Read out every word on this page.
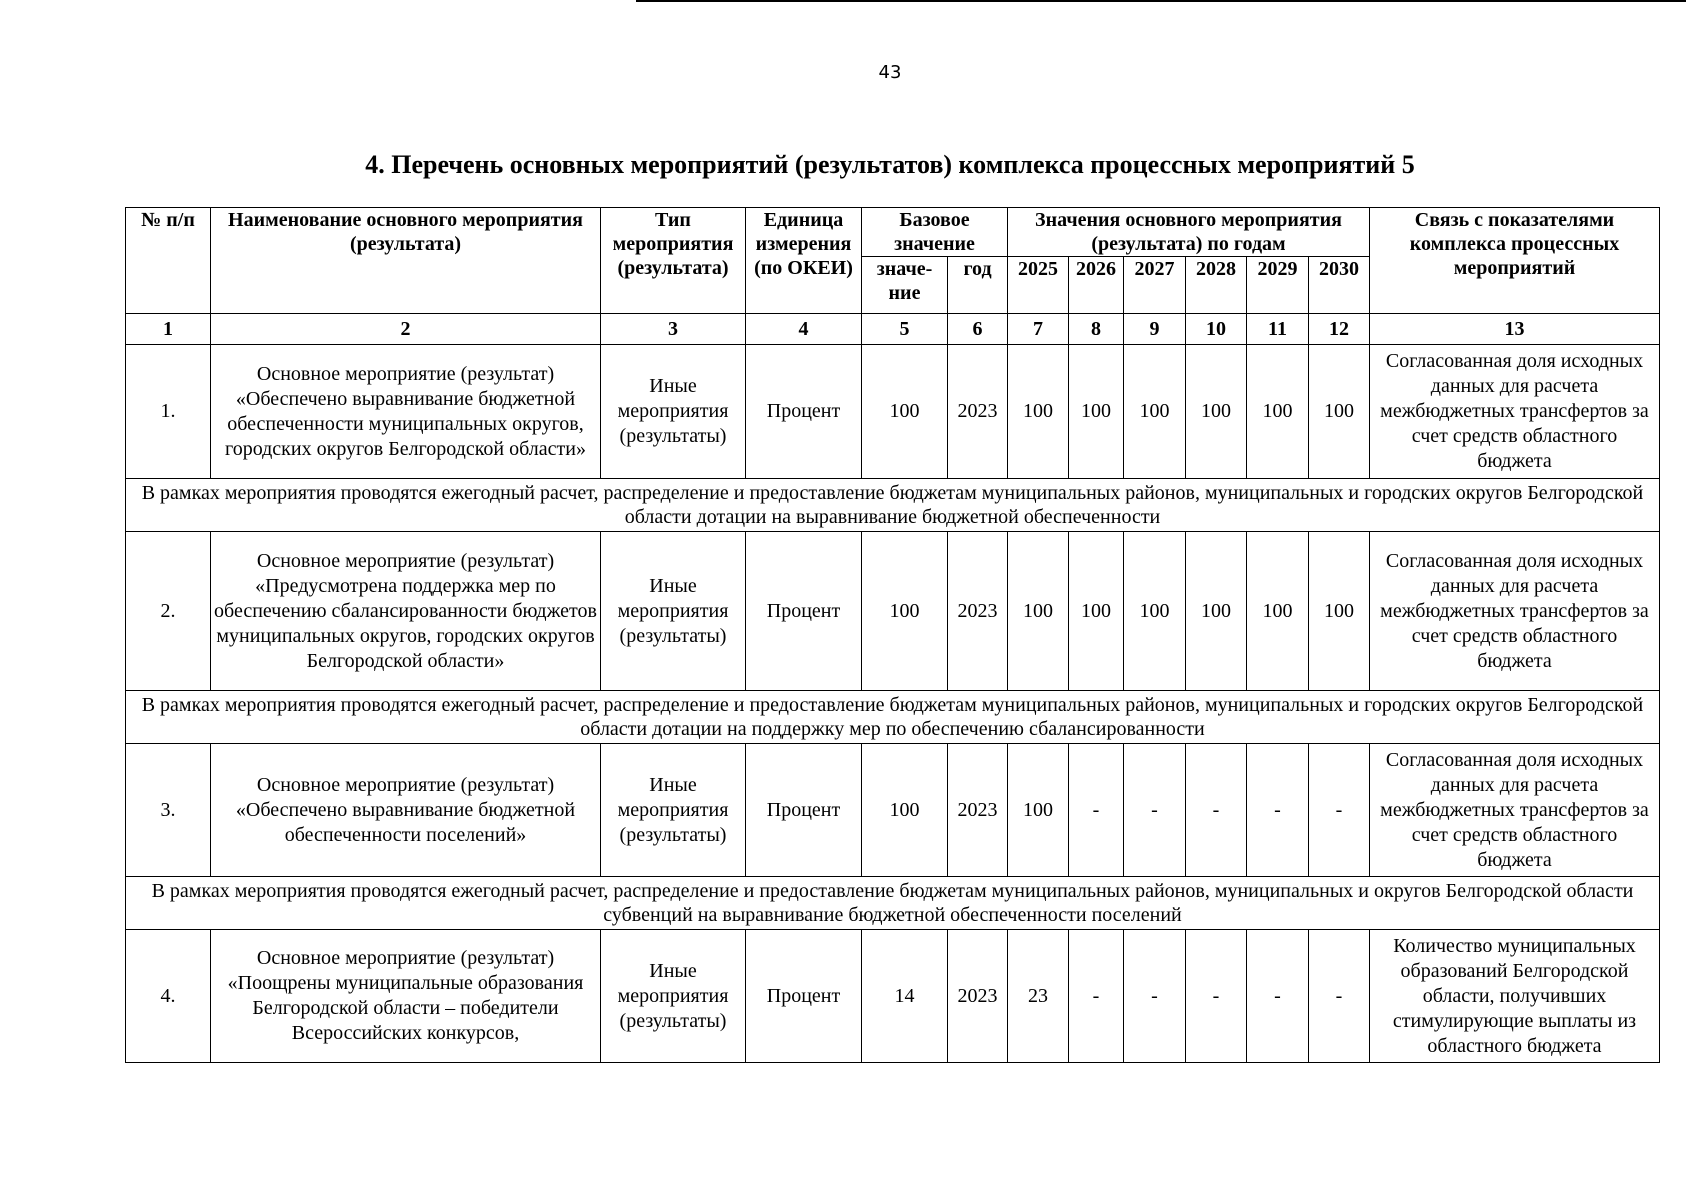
43
4. Перечень основных мероприятий (результатов) комплекса процессных мероприятий 5
№ п/п	Наименование основного мероприятия (результата)	Тип мероприятия (результата)	Единица измерения (по ОКЕИ)	Базовое значение		Значения основного мероприятия (результата) по годам						Связь с показателями комплекса процессных мероприятий
				значе-ние	год	2025	2026	2027	2028	2029	2030	
1	2	3	4	5	6	7	8	9	10	11	12	13
1.	Основное мероприятие (результат) «Обеспечено выравнивание бюджетной обеспеченности муниципальных округов, городских округов Белгородской области»	Иные мероприятия (результаты)	Процент	100	2023	100	100	100	100	100	100	Согласованная доля исходных данных для расчета межбюджетных трансфертов за счет средств областного бюджета
В рамках мероприятия проводятся ежегодный расчет, распределение и предоставление бюджетам муниципальных районов, муниципальных и городских округов Белгородской области дотации на выравнивание бюджетной обеспеченности												
2.	Основное мероприятие (результат) «Предусмотрена поддержка мер по обеспечению сбалансированности бюджетов муниципальных округов, городских округов Белгородской области»	Иные мероприятия (результаты)	Процент	100	2023	100	100	100	100	100	100	Согласованная доля исходных данных для расчета межбюджетных трансфертов за счет средств областного бюджета
В рамках мероприятия проводятся ежегодный расчет, распределение и предоставление бюджетам муниципальных районов, муниципальных и городских округов Белгородской области дотации на поддержку мер по обеспечению сбалансированности												
3.	Основное мероприятие (результат) «Обеспечено выравнивание бюджетной обеспеченности поселений»	Иные мероприятия (результаты)	Процент	100	2023	100	-	-	-	-	-	Согласованная доля исходных данных для расчета межбюджетных трансфертов за счет средств областного бюджета
В рамках мероприятия проводятся ежегодный расчет, распределение и предоставление бюджетам муниципальных районов, муниципальных и округов Белгородской области субвенций на выравнивание бюджетной обеспеченности поселений												
4.	Основное мероприятие (результат) «Поощрены муниципальные образования Белгородской области – победители Всероссийских конкурсов,	Иные мероприятия (результаты)	Процент	14	2023	23	-	-	-	-	-	Количество муниципальных образований Белгородской области, получивших стимулирующие выплаты из областного бюджета
